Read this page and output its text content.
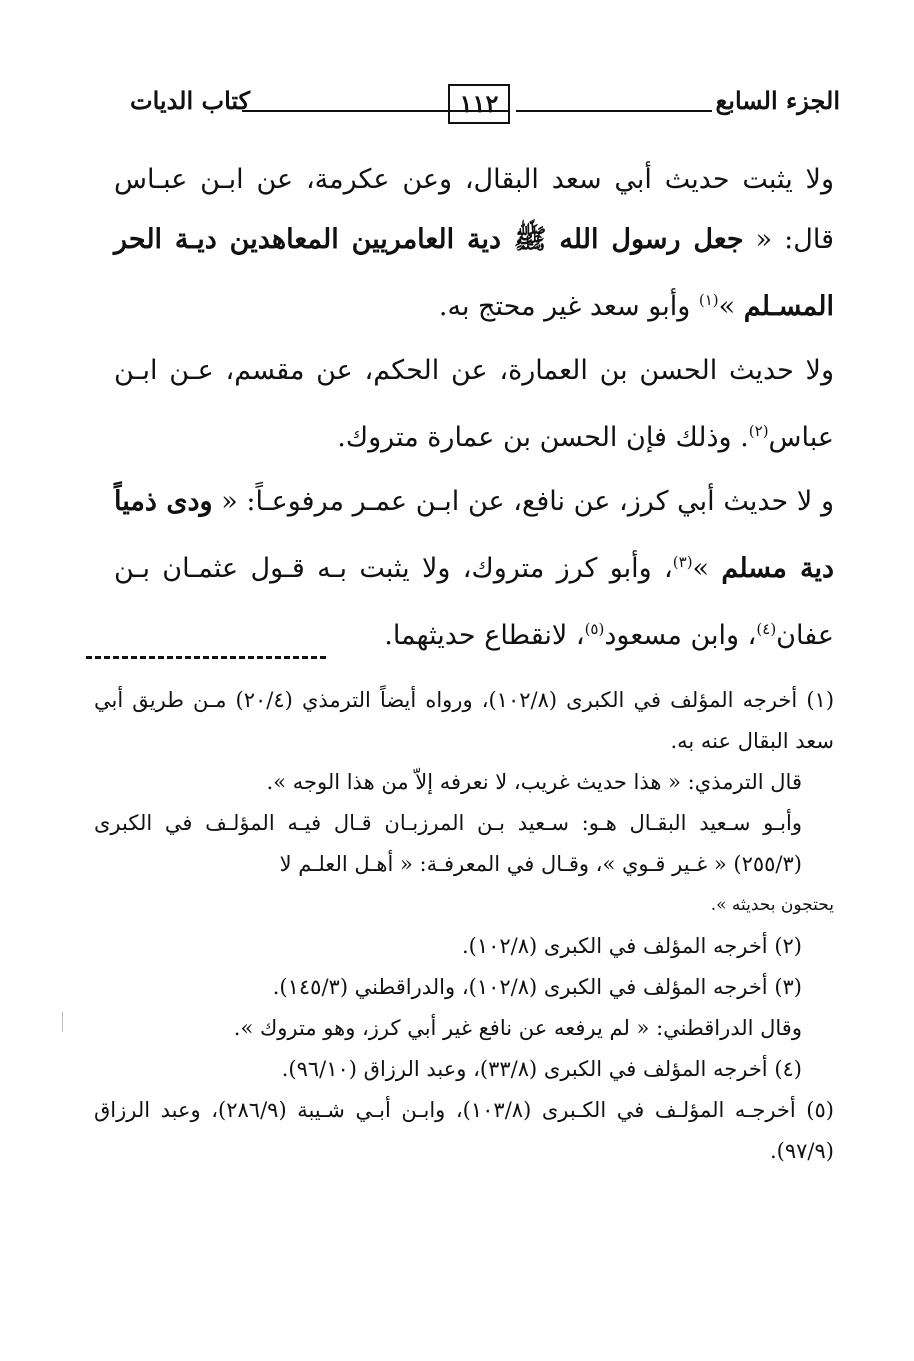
الجزء السابع
١١٢
كتاب الديات

ولا يثبت حديث أبي سعد البقال، وعن عكرمة، عن ابـن عبـاس قال: « جعل رسول الله ﷺ دية العامريين المعاهدين ديـة الحر المسـلم »$^{(١)}$ وأبو سعد غير محتج به.

ولا حديث الحسن بن العمارة، عن الحكم، عن مقسم، عـن ابـن عباس$^{(٢)}$. وذلك فإن الحسن بن عمارة متروك.

و لا حديث أبي كرز، عن نافع، عن ابـن عمـر مرفوعـاً: « ودى ذمياً دية مسلم »$^{(٣)}$، وأبو كرز متروك، ولا يثبت بـه قـول عثمـان بـن عفان$^{(٤)}$، وابن مسعود$^{(٥)}$، لانقطاع حديثهما.

(١) أخرجه المؤلف في الكبرى (١٠٢/٨)، ورواه أيضاً الترمذي (٢٠/٤) مـن طريق أبي سعد البقال عنه به.

قال الترمذي: « هذا حديث غريب، لا نعرفه إلاّ من هذا الوجه ».

وأبـو سـعيد البقـال هـو: سـعيد بـن المرزبـان قـال فيـه المؤلـف في الكبرى (٢٥٥/٣) « غـير قـوي »، وقـال في المعرفـة: « أهـل العلـم لا

يحتجون بحديثه ».

(٢) أخرجه المؤلف في الكبرى (١٠٢/٨).

(٣) أخرجه المؤلف في الكبرى (١٠٢/٨)، والدراقطني (١٤٥/٣).

وقال الدراقطني: « لم يرفعه عن نافع غير أبي كرز، وهو متروك ».

(٤) أخرجه المؤلف في الكبرى (٣٣/٨)، وعبد الرزاق (٩٦/١٠).

(٥) أخرجـه المؤلـف في الكـبرى (١٠٣/٨)، وابـن أبـي شـيبة (٢٨٦/٩)، وعبد الرزاق (٩٧/٩).
